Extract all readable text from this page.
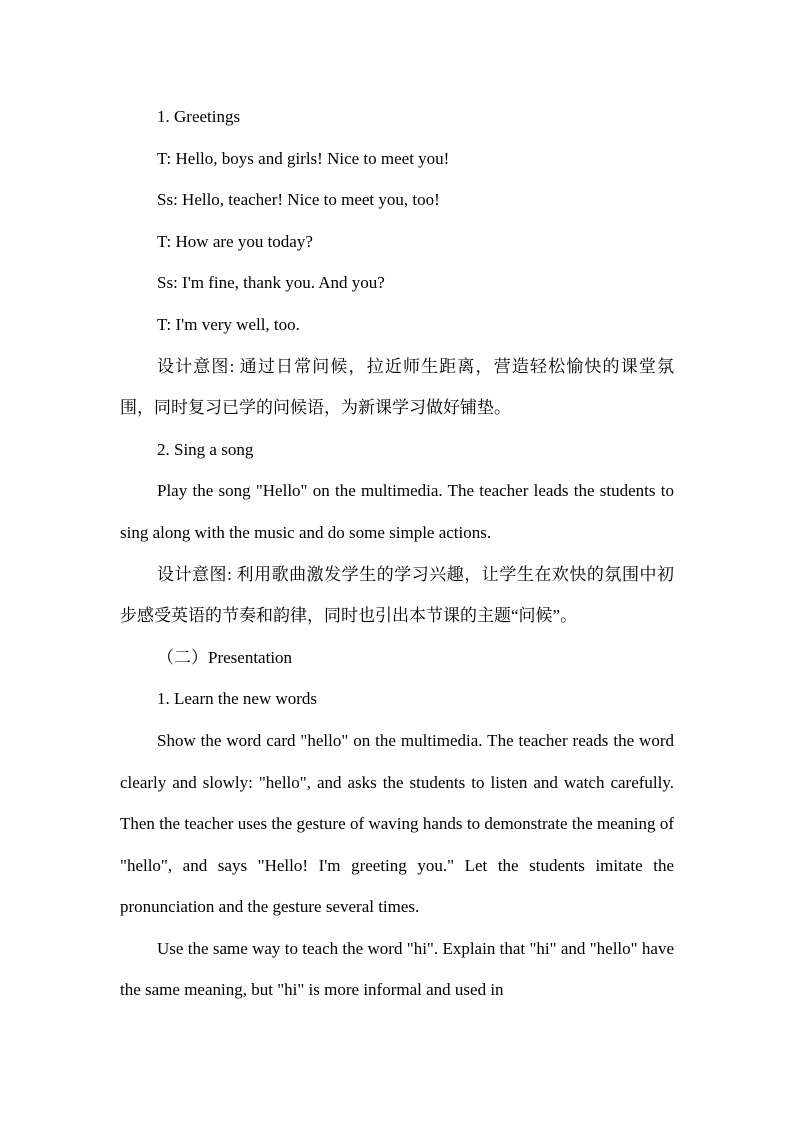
1. Greetings

T: Hello, boys and girls! Nice to meet you!

Ss: Hello, teacher! Nice to meet you, too!

T: How are you today?

Ss: I'm fine, thank you. And you?

T: I'm very well, too.

设计意图: 通过日常问候，拉近师生距离，营造轻松愉快的课堂氛围，同时复习已学的问候语，为新课学习做好铺垫。

2. Sing a song

Play the song "Hello" on the multimedia. The teacher leads the students to sing along with the music and do some simple actions.

设计意图: 利用歌曲激发学生的学习兴趣，让学生在欢快的氛围中初步感受英语的节奏和韵律，同时也引出本节课的主题“问候”。

（二）Presentation

1. Learn the new words

Show the word card "hello" on the multimedia. The teacher reads the word clearly and slowly: "hello", and asks the students to listen and watch carefully. Then the teacher uses the gesture of waving hands to demonstrate the meaning of "hello", and says "Hello! I'm greeting you." Let the students imitate the pronunciation and the gesture several times.

Use the same way to teach the word "hi". Explain that "hi" and "hello" have the same meaning, but "hi" is more informal and used in
